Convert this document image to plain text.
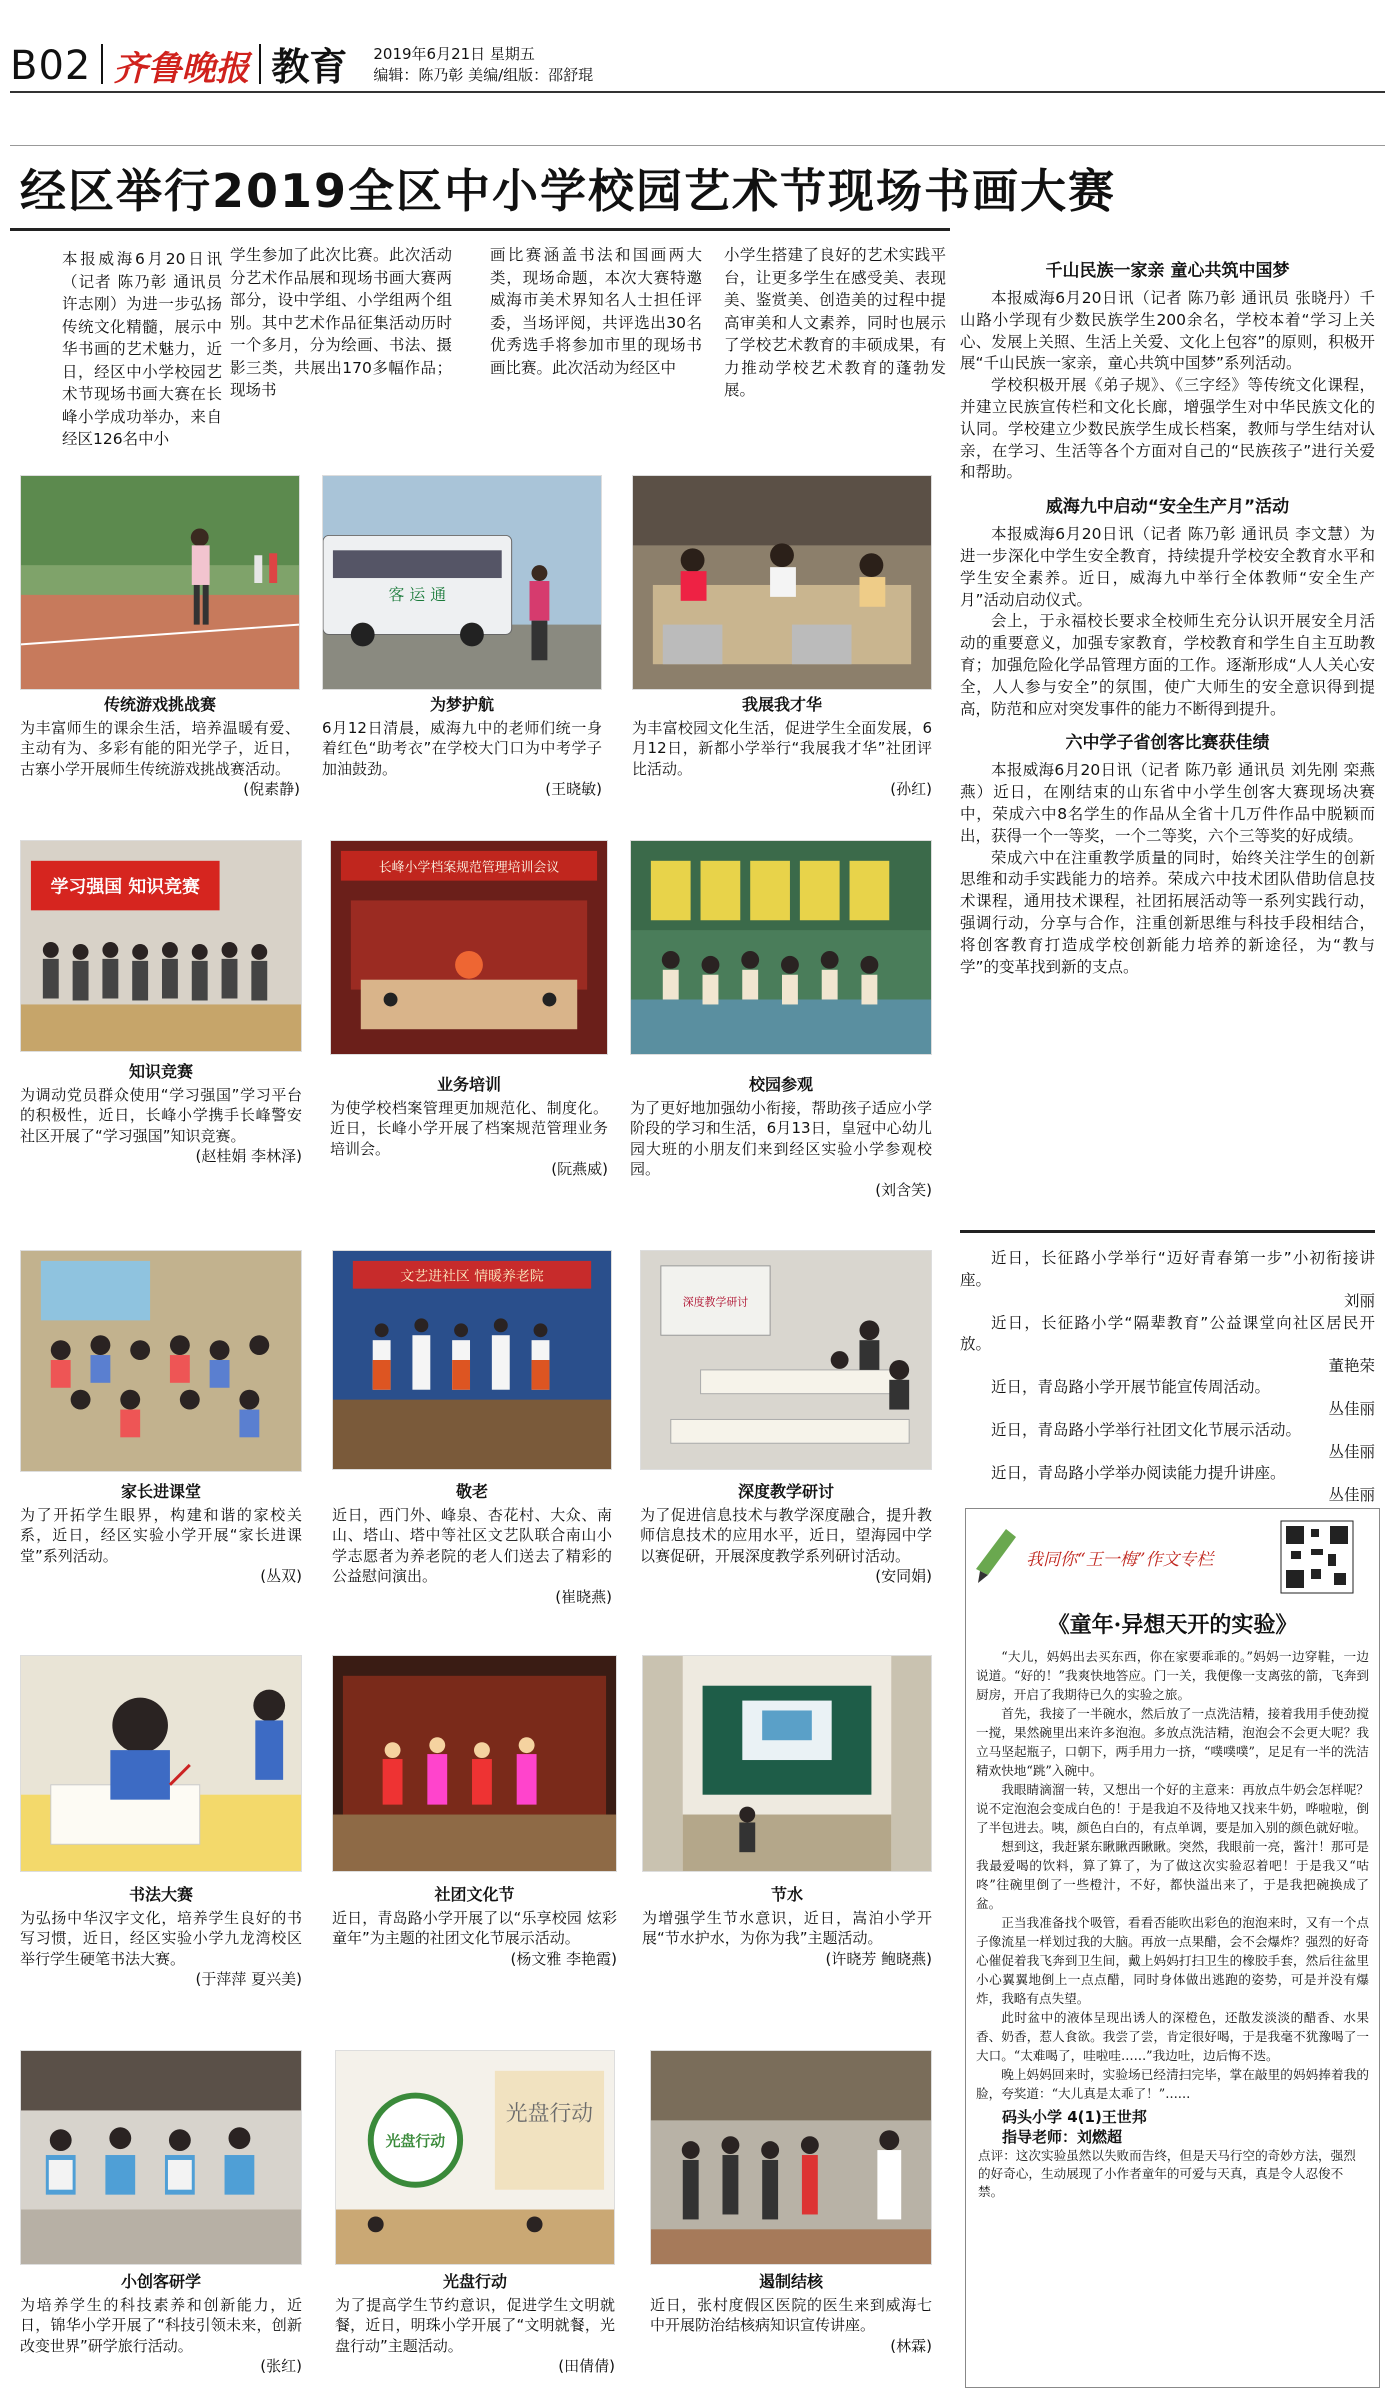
B02 齐鲁晚报 教育 2019年6月21日 星期五
编辑：陈乃彰 美编/组版：邵舒琨
经区举行2019全区中小学校园艺术节现场书画大赛
本报威海6月20日讯（记者 陈乃彰 通讯员 许志刚）为进一步弘扬传统文化精髓，展示中华书画的艺术魅力，近日，经区中小学校园艺术节现场书画大赛在长峰小学成功举办，来自经区126名中小
学生参加了此次比赛。此次活动分艺术作品展和现场书画大赛两部分，设中学组、小学组两个组别。其中艺术作品征集活动历时一个多月，分为绘画、书法、摄影三类，共展出170多幅作品；现场书
画比赛涵盖书法和国画两大类，现场命题，本次大赛特邀威海市美术界知名人士担任评委，当场评阅，共评选出30名优秀选手将参加市里的现场书画比赛。此次活动为经区中
小学生搭建了良好的艺术实践平台，让更多学生在感受美、表现美、鉴赏美、创造美的过程中提高审美和人文素养，同时也展示了学校艺术教育的丰硕成果，有力推动学校艺术教育的蓬勃发展。
传统游戏挑战赛
为丰富师生的课余生活，培养温暖有爱、主动有为、多彩有能的阳光学子，近日，古寨小学开展师生传统游戏挑战赛活动。
(倪素静)
客 运 通
为梦护航
6月12日清晨，威海九中的老师们统一身着红色“助考衣”在学校大门口为中考学子加油鼓劲。
(王晓敏)
我展我才华
为丰富校园文化生活，促进学生全面发展，6月12日，新都小学举行“我展我才华”社团评比活动。
(孙红)
学习强国 知识竞赛
知识竞赛
为调动党员群众使用“学习强国”学习平台的积极性，近日，长峰小学携手长峰警安社区开展了“学习强国”知识竞赛。
(赵桂娟 李林泽)
长峰小学档案规范管理培训会议
业务培训
为使学校档案管理更加规范化、制度化。近日，长峰小学开展了档案规范管理业务培训会。
(阮燕威)
校园参观
为了更好地加强幼小衔接，帮助孩子适应小学阶段的学习和生活，6月13日，皇冠中心幼儿园大班的小朋友们来到经区实验小学参观校园。
(刘含笑)
家长进课堂
为了开拓学生眼界，构建和谐的家校关系，近日，经区实验小学开展“家长进课堂”系列活动。
(丛双)
文艺进社区 情暖养老院
敬老
近日，西门外、峰泉、杏花村、大众、南山、塔山、塔中等社区文艺队联合南山小学志愿者为养老院的老人们送去了精彩的公益慰问演出。
(崔晓燕)
深度教学研讨
深度教学研讨
为了促进信息技术与教学深度融合，提升教师信息技术的应用水平，近日，望海园中学以赛促研，开展深度教学系列研讨活动。
(安同娟)
书法大赛
为弘扬中华汉字文化，培养学生良好的书写习惯，近日，经区实验小学九龙湾校区举行学生硬笔书法大赛。
(于萍萍 夏兴美)
社团文化节
近日，青岛路小学开展了以“乐享校园 炫彩童年”为主题的社团文化节展示活动。
(杨文雅 李艳霞)
节水
为增强学生节水意识，近日，嵩泊小学开展“节水护水，为你为我”主题活动。
(许晓芳 鲍晓燕)
小创客研学
为培养学生的科技素养和创新能力，近日，锦华小学开展了“科技引领未来，创新改变世界”研学旅行活动。
(张红)
光盘行动
光盘行动
光盘行动
为了提高学生节约意识，促进学生文明就餐，近日，明珠小学开展了“文明就餐，光盘行动”主题活动。
(田倩倩)
遏制结核
近日，张村度假区医院的医生来到威海七中开展防治结核病知识宣传讲座。
(林霖)
千山民族一家亲 童心共筑中国梦
本报威海6月20日讯（记者 陈乃彰 通讯员 张晓丹）千山路小学现有少数民族学生200余名，学校本着“学习上关心、发展上关照、生活上关爱、文化上包容”的原则，积极开展“千山民族一家亲，童心共筑中国梦”系列活动。
学校积极开展《弟子规》、《三字经》等传统文化课程，并建立民族宣传栏和文化长廊，增强学生对中华民族文化的认同。学校建立少数民族学生成长档案，教师与学生结对认亲，在学习、生活等各个方面对自己的“民族孩子”进行关爱和帮助。
威海九中启动“安全生产月”活动
本报威海6月20日讯（记者 陈乃彰 通讯员 李文慧）为进一步深化中学生安全教育，持续提升学校安全教育水平和学生安全素养。近日，威海九中举行全体教师“安全生产月”活动启动仪式。
会上，于永福校长要求全校师生充分认识开展安全月活动的重要意义，加强专家教育，学校教育和学生自主互助教育；加强危险化学品管理方面的工作。逐渐形成“人人关心安全，人人参与安全”的氛围，使广大师生的安全意识得到提高，防范和应对突发事件的能力不断得到提升。
六中学子省创客比赛获佳绩
本报威海6月20日讯（记者 陈乃彰 通讯员 刘先刚 栾燕燕）近日，在刚结束的山东省中小学生创客大赛现场决赛中，荣成六中8名学生的作品从全省十几万件作品中脱颖而出，获得一个一等奖，一个二等奖，六个三等奖的好成绩。
荣成六中在注重教学质量的同时，始终关注学生的创新思维和动手实践能力的培养。荣成六中技术团队借助信息技术课程，通用技术课程，社团拓展活动等一系列实践行动，强调行动，分享与合作，注重创新思维与科技手段相结合，将创客教育打造成学校创新能力培养的新途径，为“教与学”的变革找到新的支点。
近日，长征路小学举行“迈好青春第一步”小初衔接讲座。
刘丽
近日，长征路小学“隔辈教育”公益课堂向社区居民开放。
董艳荣
近日，青岛路小学开展节能宣传周活动。
丛佳丽
近日，青岛路小学举行社团文化节展示活动。
丛佳丽
近日，青岛路小学举办阅读能力提升讲座。
丛佳丽
我同你“王一梅”作文专栏
《童年·异想天开的实验》

“大儿，妈妈出去买东西，你在家要乖乖的。”妈妈一边穿鞋，一边说道。“好的！”我爽快地答应。门一关，我便像一支离弦的箭，飞奔到厨房，开启了我期待已久的实验之旅。

首先，我接了一半碗水，然后放了一点洗洁精，接着我用手使劲搅一搅，果然碗里出来许多泡泡。多放点洗洁精，泡泡会不会更大呢？我立马坚起瓶子，口朝下，两手用力一挤，“噗噗噗”，足足有一半的洗洁精欢快地“跳”入碗中。

我眼睛滴溜一转，又想出一个好的主意来：再放点牛奶会怎样呢？说不定泡泡会变成白色的！于是我迫不及待地又找来牛奶，哗啦啦，倒了半包进去。咦，颜色白白的，有点单调，要是加入别的颜色就好啦。

想到这，我赶紧东瞅瞅西瞅瞅。突然，我眼前一亮，酱汁！那可是我最爱喝的饮料，算了算了，为了做这次实验忍着吧！于是我又“咕咚”往碗里倒了一些橙汁，不好，都快溢出来了，于是我把碗换成了盆。

正当我准备找个吸管，看看否能吹出彩色的泡泡来时，又有一个点子像流星一样划过我的大脑。再放一点果醋，会不会爆炸？强烈的好奇心催促着我飞奔到卫生间，戴上妈妈打扫卫生的橡胶手套，然后往盆里小心翼翼地倒上一点点醋，同时身体做出逃跑的姿势，可是并没有爆炸，我略有点失望。

此时盆中的液体呈现出诱人的深橙色，还散发淡淡的醋香、水果香、奶香，惹人食欲。我尝了尝，肯定很好喝，于是我毫不犹豫喝了一大口。“太难喝了，哇啦哇……”我边吐，边后悔不迭。

晚上妈妈回来时，实验场已经清扫完毕，掌在敲里的妈妈捧着我的脸，夸奖道：“大儿真是太乖了！”……

码头小学 4(1)王世邦
指导老师：刘燃超
点评：这次实验虽然以失败而告终，但是天马行空的奇妙方法，强烈的好奇心，生动展现了小作者童年的可爱与天真，真是令人忍俊不禁。
